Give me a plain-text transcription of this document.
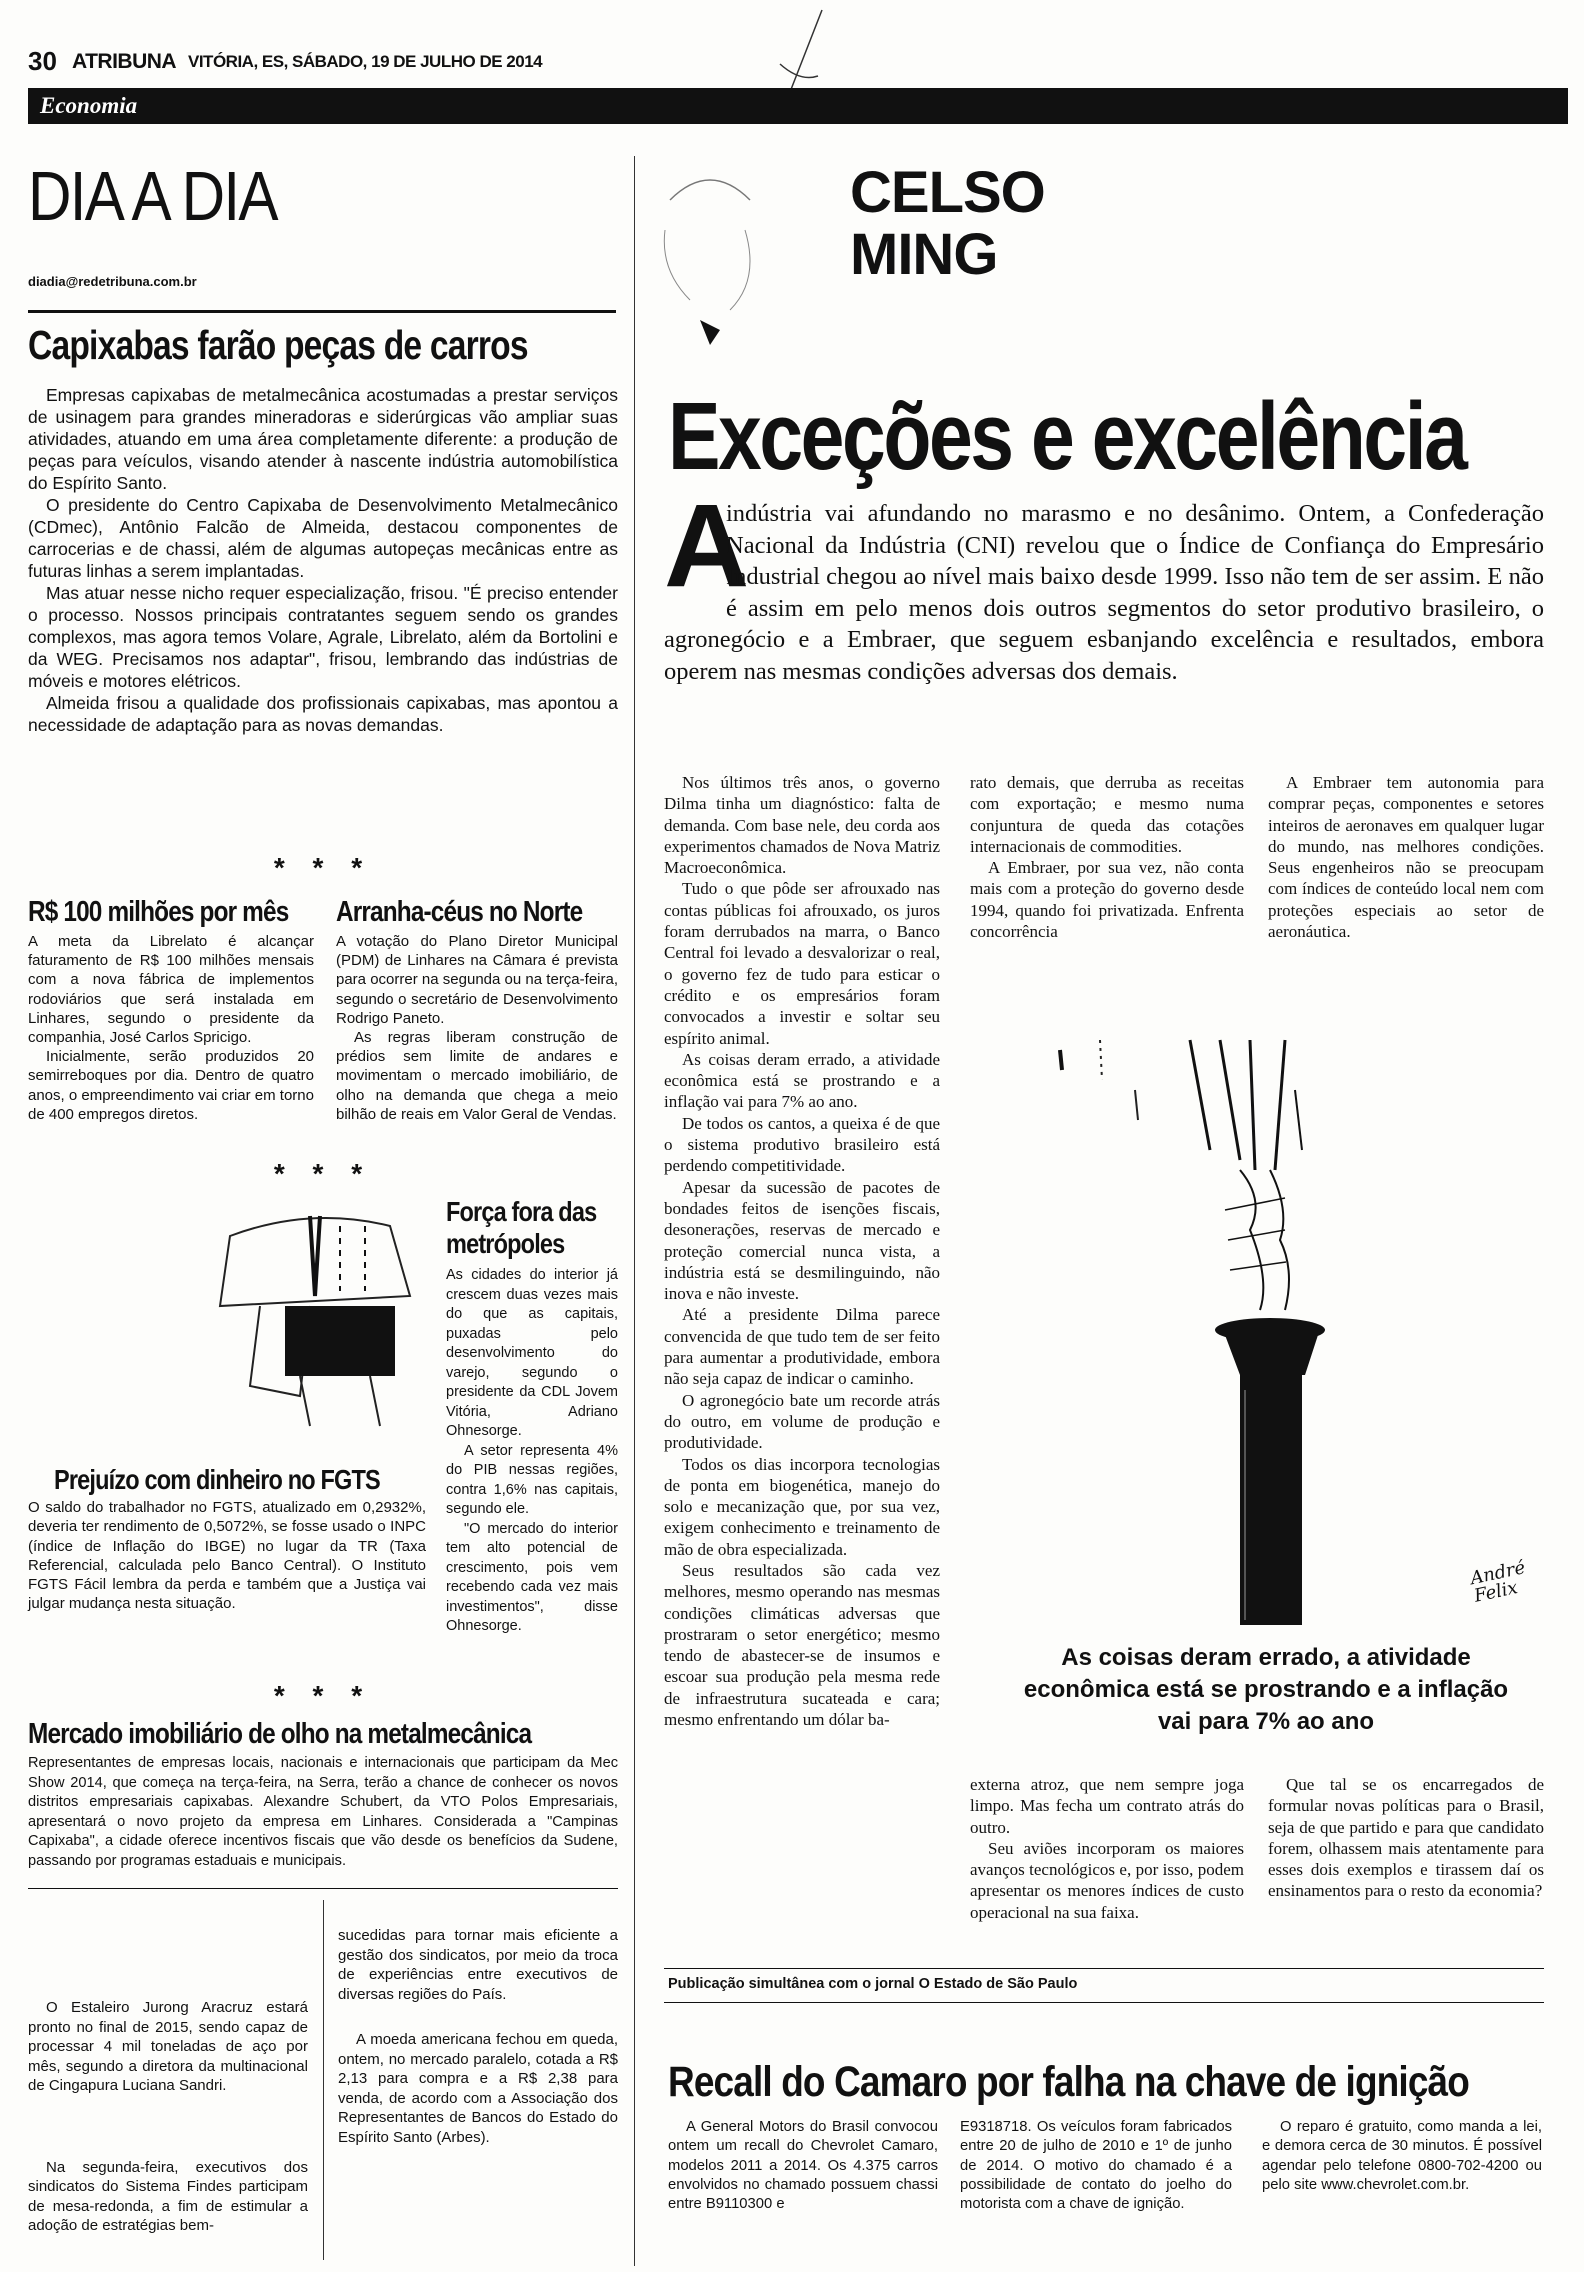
30 ATRIBUNA VITÓRIA, ES, SÁBADO, 19 DE JULHO DE 2014
Economia
DIA A DIA
diadia@redetribuna.com.br
Capixabas farão peças de carros

Empresas capixabas de metalmecânica acostumadas a prestar serviços de usinagem para grandes mineradoras e siderúrgicas vão ampliar suas atividades, atuando em uma área completamente diferente: a produção de peças para veículos, visando atender à nascente indústria automobilística do Espírito Santo.

O presidente do Centro Capixaba de Desenvolvimento Metalmecânico (CDmec), Antônio Falcão de Almeida, destacou componentes de carrocerias e de chassi, além de algumas autopeças mecânicas entre as futuras linhas a serem implantadas.

Mas atuar nesse nicho requer especialização, frisou. "É preciso entender o processo. Nossos principais contratantes seguem sendo os grandes complexos, mas agora temos Volare, Agrale, Librelato, além da Bortolini e da WEG. Precisamos nos adaptar", frisou, lembrando das indústrias de móveis e motores elétricos.

Almeida frisou a qualidade dos profissionais capixabas, mas apontou a necessidade de adaptação para as novas demandas.

* * *
R$ 100 milhões por mês

A meta da Librelato é alcançar faturamento de R$ 100 milhões mensais com a nova fábrica de implementos rodoviários que será instalada em Linhares, segundo o presidente da companhia, José Carlos Spricigo.

Inicialmente, serão produzidos 20 semirreboques por dia. Dentro de quatro anos, o empreendimento vai criar em torno de 400 empregos diretos.

Arranha-céus no Norte

A votação do Plano Diretor Municipal (PDM) de Linhares na Câmara é prevista para ocorrer na segunda ou na terça-feira, segundo o secretário de Desenvolvimento Rodrigo Paneto.

As regras liberam construção de prédios sem limite de andares e movimentam o mercado imobiliário, de olho na demanda que chega a meio bilhão de reais em Valor Geral de Vendas.

* * *
Força fora das metrópoles

As cidades do interior já crescem duas vezes mais do que as capitais, puxadas pelo desenvolvimento do varejo, segundo o presidente da CDL Jovem Vitória, Adriano Ohnesorge.

A setor representa 4% do PIB nessas regiões, contra 1,6% nas capitais, segundo ele.

"O mercado do interior tem alto potencial de crescimento, pois vem recebendo cada vez mais investimentos", disse Ohnesorge.

Prejuízo com dinheiro no FGTS

O saldo do trabalhador no FGTS, atualizado em 0,2932%, deveria ter rendimento de 0,5072%, se fosse usado o INPC (índice de Inflação do IBGE) no lugar da TR (Taxa Referencial, calculada pelo Banco Central). O Instituto FGTS Fácil lembra da perda e também que a Justiça vai julgar mudança nesta situação.

* * *
Mercado imobiliário de olho na metalmecânica

Representantes de empresas locais, nacionais e internacionais que participam da Mec Show 2014, que começa na terça-feira, na Serra, terão a chance de conhecer os novos distritos empresariais capixabas. Alexandre Schubert, da VTO Polos Empresariais, apresentará o novo projeto da empresa em Linhares. Considerada a "Campinas Capixaba", a cidade oferece incentivos fiscais que vão desde os benefícios da Sudene, passando por programas estaduais e municipais.

O Estaleiro Jurong Aracruz estará pronto no final de 2015, sendo capaz de processar 4 mil toneladas de aço por mês, segundo a diretora da multinacional de Cingapura Luciana Sandri.

Na segunda-feira, executivos dos sindicatos do Sistema Findes participam de mesa-redonda, a fim de estimular a adoção de estratégias bem-

sucedidas para tornar mais eficiente a gestão dos sindicatos, por meio da troca de experiências entre executivos de diversas regiões do País.

A moeda americana fechou em queda, ontem, no mercado paralelo, cotada a R$ 2,13 para compra e a R$ 2,38 para venda, de acordo com a Associação dos Representantes de Bancos do Estado do Espírito Santo (Arbes).

CELSO
MING
Exceções e excelência
A
indústria vai afundando no marasmo e no desânimo. Ontem, a Confederação Nacional da Indústria (CNI) revelou que o Índice de Confiança do Empresário Industrial chegou ao nível mais baixo desde 1999. Isso não tem de ser assim. E não é assim em pelo menos dois outros segmentos do setor produtivo brasileiro, o agronegócio e a Embraer, que seguem esbanjando excelência e resultados, embora operem nas mesmas condições adversas dos demais.

Nos últimos três anos, o governo Dilma tinha um diagnóstico: falta de demanda. Com base nele, deu corda aos experimentos chamados de Nova Matriz Macroeconômica.

Tudo o que pôde ser afrouxado nas contas públicas foi afrouxado, os juros foram derrubados na marra, o Banco Central foi levado a desvalorizar o real, o governo fez de tudo para esticar o crédito e os empresários foram convocados a investir e soltar seu espírito animal.

As coisas deram errado, a atividade econômica está se prostrando e a inflação vai para 7% ao ano.

De todos os cantos, a queixa é de que o sistema produtivo brasileiro está perdendo competitividade.

Apesar da sucessão de pacotes de bondades feitos de isenções fiscais, desonerações, reservas de mercado e proteção comercial nunca vista, a indústria está se desmilinguindo, não inova e não investe.

Até a presidente Dilma parece convencida de que tudo tem de ser feito para aumentar a produtividade, embora não seja capaz de indicar o caminho.

O agronegócio bate um recorde atrás do outro, em volume de produção e produtividade.

Todos os dias incorpora tecnologias de ponta em biogenética, manejo do solo e mecanização que, por sua vez, exigem conhecimento e treinamento de mão de obra especializada.

Seus resultados são cada vez melhores, mesmo operando nas mesmas condições climáticas adversas que prostraram o setor energético; mesmo tendo de abastecer-se de insumos e escoar sua produção pela mesma rede de infraestrutura sucateada e cara; mesmo enfrentando um dólar ba-

rato demais, que derruba as receitas com exportação; e mesmo numa conjuntura de queda das cotações internacionais de commodities.

A Embraer, por sua vez, não conta mais com a proteção do governo desde 1994, quando foi privatizada. Enfrenta concorrência

A Embraer tem autonomia para comprar peças, componentes e setores inteiros de aeronaves em qualquer lugar do mundo, nas melhores condições. Seus engenheiros não se preocupam com índices de conteúdo local nem com proteções especiais ao setor de aeronáutica.

André Felix
As coisas deram errado, a atividade econômica está se prostrando e a inflação vai para 7% ao ano

externa atroz, que nem sempre joga limpo. Mas fecha um contrato atrás do outro.

Seu aviões incorporam os maiores avanços tecnológicos e, por isso, podem apresentar os menores índices de custo operacional na sua faixa.

Que tal se os encarregados de formular novas políticas para o Brasil, seja de que partido e para que candidato forem, olhassem mais atentamente para esses dois exemplos e tirassem daí os ensinamentos para o resto da economia?

Publicação simultânea com o jornal O Estado de São Paulo
Recall do Camaro por falha na chave de ignição

A General Motors do Brasil convocou ontem um recall do Chevrolet Camaro, modelos 2011 a 2014. Os 4.375 carros envolvidos no chamado possuem chassi entre B9110300 e

E9318718. Os veículos foram fabricados entre 20 de julho de 2010 e 1º de junho de 2014. O motivo do chamado é a possibilidade de contato do joelho do motorista com a chave de ignição.

O reparo é gratuito, como manda a lei, e demora cerca de 30 minutos. É possível agendar pelo telefone 0800-702-4200 ou pelo site www.chevrolet.com.br.
